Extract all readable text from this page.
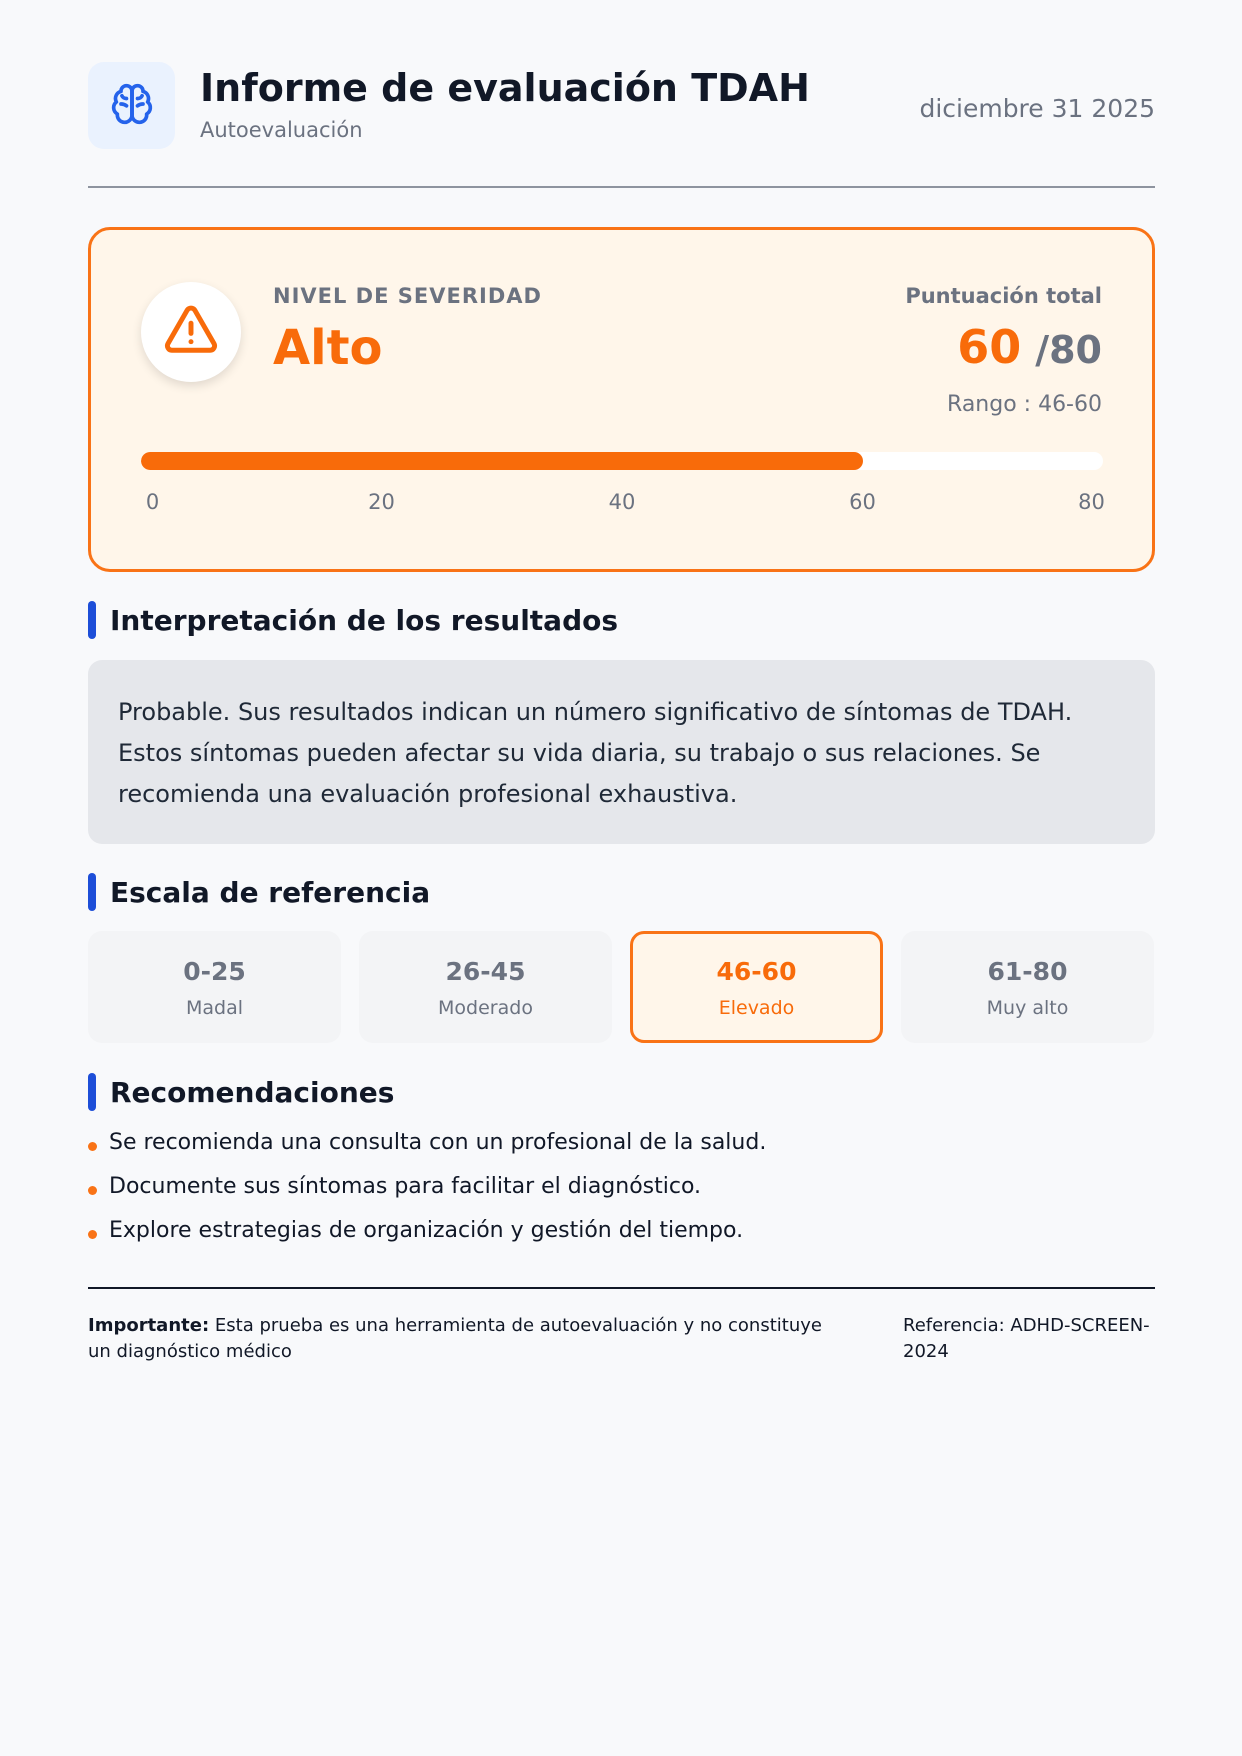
Informe de evaluación TDAH
Autoevaluación
diciembre 31 2025
NIVEL DE SEVERIDAD
Alto
Puntuación total
60 /80
Rango : 46-60
0	20	40	60	80
Interpretación de los resultados

Probable. Sus resultados indican un número significativo de síntomas de TDAH. Estos síntomas pueden afectar su vida diaria, su trabajo o sus relaciones. Se recomienda una evaluación profesional exhaustiva.

Escala de referencia
0-25
Madal
26-45
Moderado
46-60
Elevado
61-80
Muy alto
Recomendaciones
Se recomienda una consulta con un profesional de la salud.
Documente sus síntomas para facilitar el diagnóstico.
Explore estrategias de organización y gestión del tiempo.
Importante: Esta prueba es una herramienta de autoevaluación y no constituye un diagnóstico médico
Referencia: ADHD-SCREEN-2024
